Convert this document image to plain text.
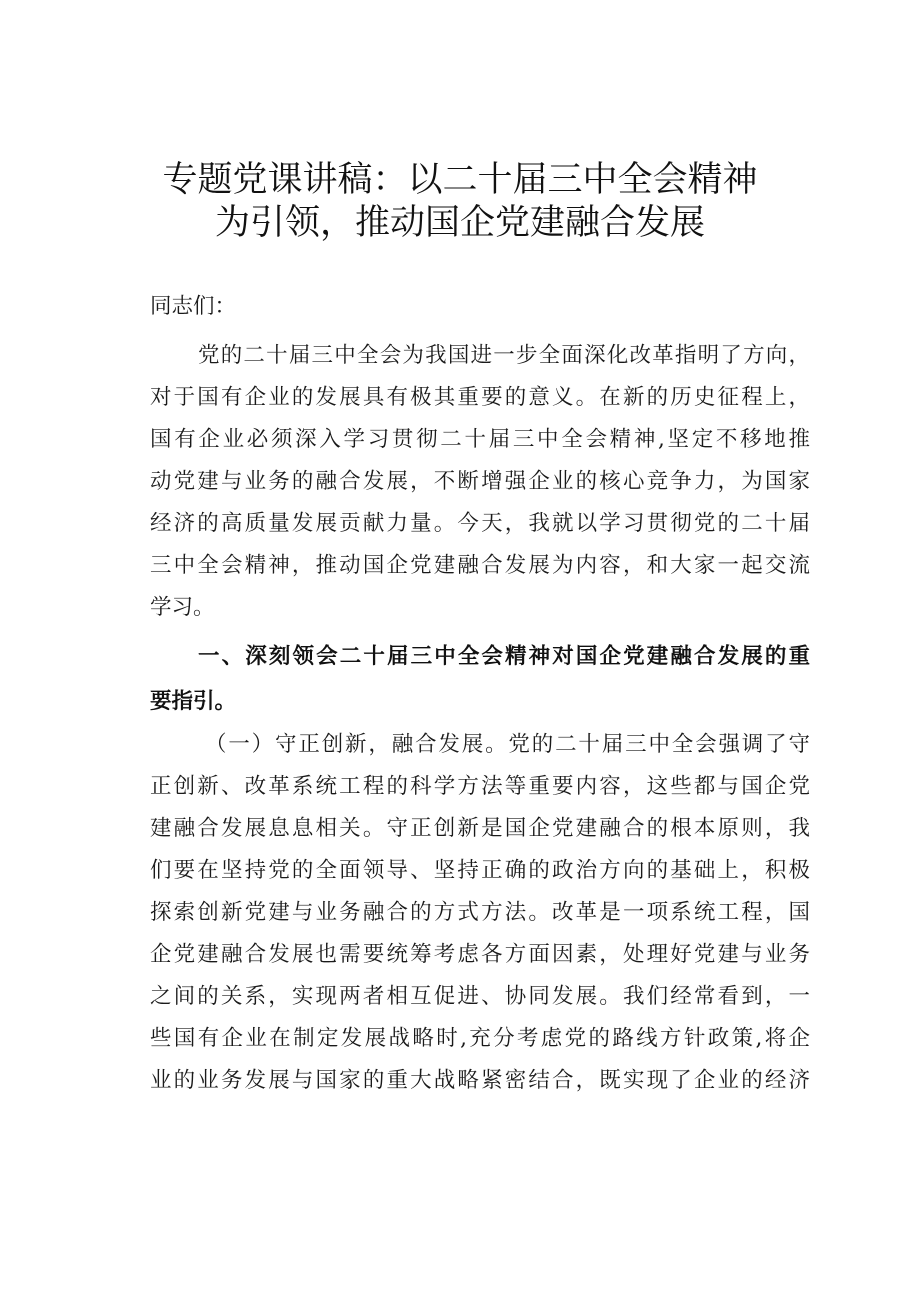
专题党课讲稿：以二十届三中全会精神
为引领，推动国企党建融合发展
同志们：
党的二十届三中全会为我国进一步全面深化改革指明了方向，
对于国有企业的发展具有极其重要的意义。在新的历史征程上，
国有企业必须深入学习贯彻二十届三中全会精神,坚定不移地推
动党建与业务的融合发展，不断增强企业的核心竞争力，为国家
经济的高质量发展贡献力量。今天，我就以学习贯彻党的二十届
三中全会精神，推动国企党建融合发展为内容，和大家一起交流
学习。
一、深刻领会二十届三中全会精神对国企党建融合发展的重
要指引。
（一）守正创新，融合发展。党的二十届三中全会强调了守
正创新、改革系统工程的科学方法等重要内容，这些都与国企党
建融合发展息息相关。守正创新是国企党建融合的根本原则，我
们要在坚持党的全面领导、坚持正确的政治方向的基础上，积极
探索创新党建与业务融合的方式方法。改革是一项系统工程，国
企党建融合发展也需要统筹考虑各方面因素，处理好党建与业务
之间的关系，实现两者相互促进、协同发展。我们经常看到，一
些国有企业在制定发展战略时,充分考虑党的路线方针政策,将企
业的业务发展与国家的重大战略紧密结合，既实现了企业的经济
